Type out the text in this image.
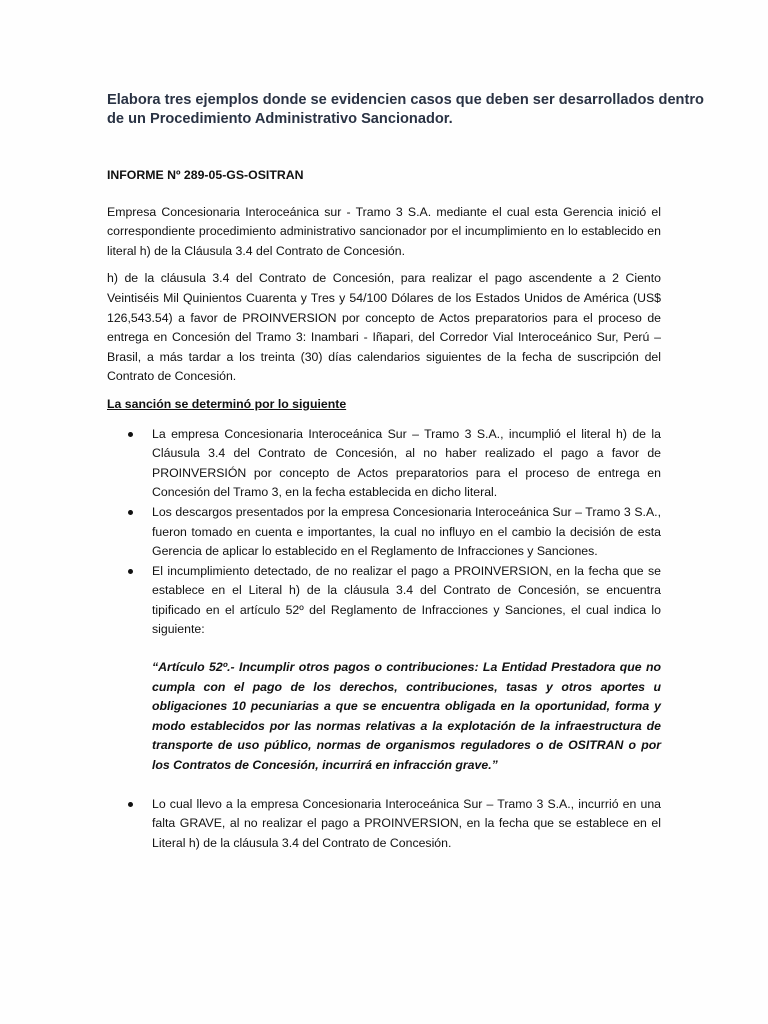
Elabora tres ejemplos donde se evidencien casos que deben ser desarrollados dentro de un Procedimiento Administrativo Sancionador.
INFORME Nº 289-05-GS-OSITRAN

Empresa Concesionaria Interoceánica sur - Tramo 3 S.A. mediante el cual esta Gerencia inició el correspondiente procedimiento administrativo sancionador por el incumplimiento en lo establecido en literal h) de la Cláusula 3.4 del Contrato de Concesión.

h) de la cláusula 3.4 del Contrato de Concesión, para realizar el pago ascendente a 2 Ciento Veintiséis Mil Quinientos Cuarenta y Tres y 54/100 Dólares de los Estados Unidos de América (US$ 126,543.54) a favor de PROINVERSION por concepto de Actos preparatorios para el proceso de entrega en Concesión del Tramo 3: Inambari - Iñapari, del Corredor Vial Interoceánico Sur, Perú – Brasil, a más tardar a los treinta (30) días calendarios siguientes de la fecha de suscripción del Contrato de Concesión.

La sanción se determinó por lo siguiente
La empresa Concesionaria Interoceánica Sur – Tramo 3 S.A., incumplió el literal h) de la Cláusula 3.4 del Contrato de Concesión, al no haber realizado el pago a favor de PROINVERSIÓN por concepto de Actos preparatorios para el proceso de entrega en Concesión del Tramo 3, en la fecha establecida en dicho literal.
Los descargos presentados por la empresa Concesionaria Interoceánica Sur – Tramo 3 S.A., fueron tomado en cuenta e importantes, la cual no influyo en el cambio la decisión de esta Gerencia de aplicar lo establecido en el Reglamento de Infracciones y Sanciones.
El incumplimiento detectado, de no realizar el pago a PROINVERSION, en la fecha que se establece en el Literal h) de la cláusula 3.4 del Contrato de Concesión, se encuentra tipificado en el artículo 52º del Reglamento de Infracciones y Sanciones, el cual indica lo siguiente:
“Artículo 52º.- Incumplir otros pagos o contribuciones: La Entidad Prestadora que no cumpla con el pago de los derechos, contribuciones, tasas y otros aportes u obligaciones 10 pecuniarias a que se encuentra obligada en la oportunidad, forma y modo establecidos por las normas relativas a la explotación de la infraestructura de transporte de uso público, normas de organismos reguladores o de OSITRAN o por los Contratos de Concesión, incurrirá en infracción grave.”
Lo cual llevo a la empresa Concesionaria Interoceánica Sur – Tramo 3 S.A., incurrió en una falta GRAVE, al no realizar el pago a PROINVERSION, en la fecha que se establece en el Literal h) de la cláusula 3.4 del Contrato de Concesión.
